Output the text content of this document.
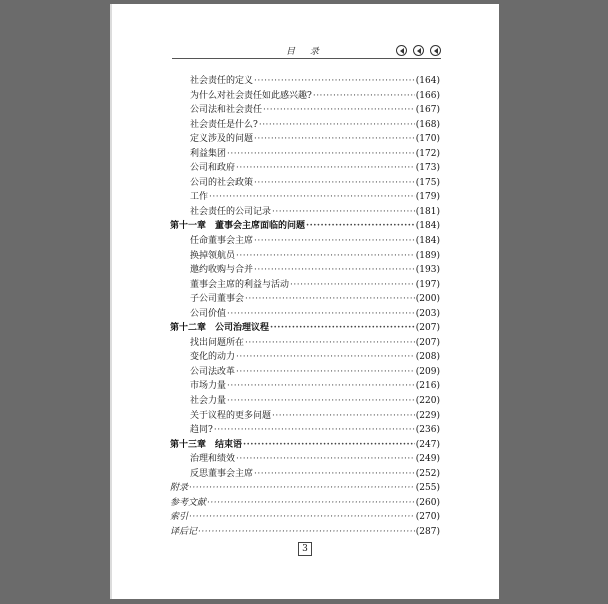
目 录
社会责任的定义 ·····	(164)
为什么对社会责任如此感兴趣? ·····	(166)
公司法和社会责任 ·····	(167)
社会责任是什么? ·····	(168)
定义涉及的问题 ·····	(170)
利益集团 ·····	(172)
公司和政府 ·····	(173)
公司的社会政策 ·····	(175)
工作 ·····	(179)
社会责任的公司记录 ·····	(181)
第十一章　董事会主席面临的问题 ·····	(184)
任命董事会主席 ·····	(184)
换掉领航员 ·····	(189)
邀约收购与合并 ·····	(193)
董事会主席的利益与活动 ·····	(197)
子公司董事会 ·····	(200)
公司价值 ·····	(203)
第十二章　公司治理议程 ·····	(207)
找出问题所在 ·····	(207)
变化的动力 ·····	(208)
公司法改革 ·····	(209)
市场力量 ·····	(216)
社会力量 ·····	(220)
关于议程的更多问题 ·····	(229)
趋同? ·····	(236)
第十三章　结束语 ·····	(247)
治理和绩效 ·····	(249)
反思董事会主席 ·····	(252)
附录 ·····	(255)
参考文献 ·····	(260)
索引 ·····	(270)
译后记 ·····	(287)
3
